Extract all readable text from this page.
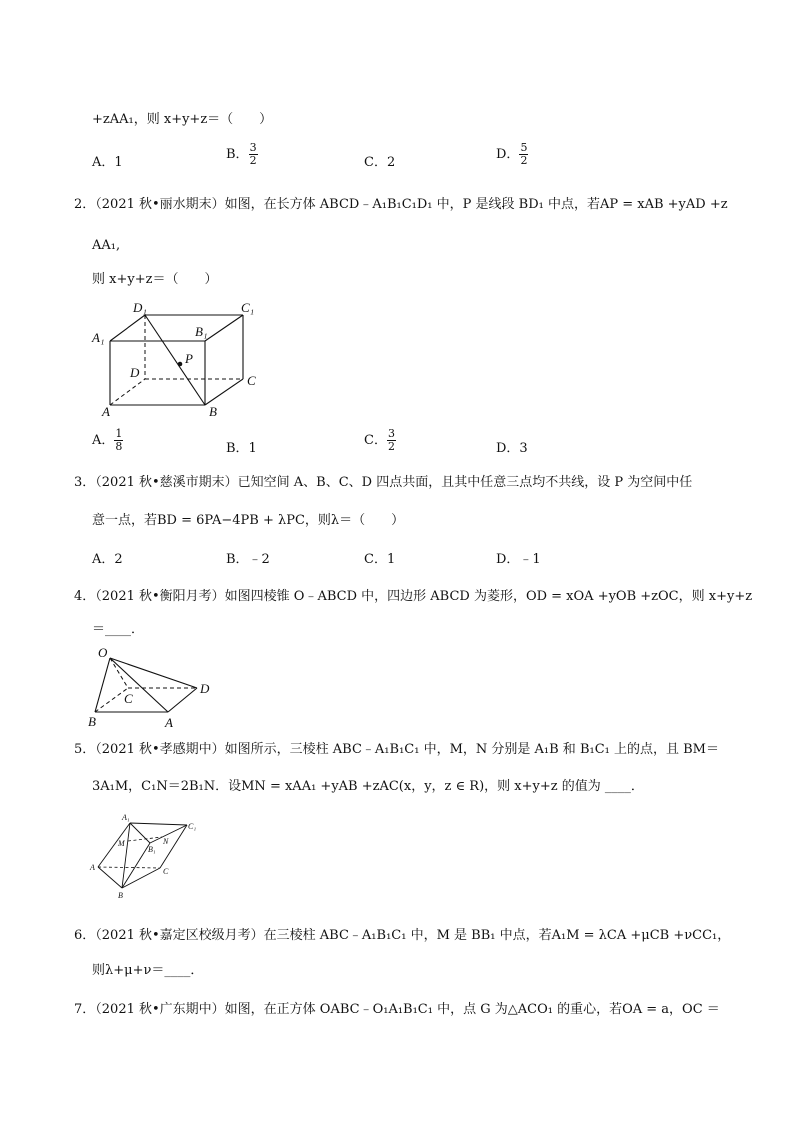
+zAA₁，则 x+y+z＝（　　）
A．1
B． $\frac{3}{2}$	C．2
D． $\frac{5}{2}$
2．（2021 秋•丽水期末）如图，在长方体 ABCD﹣A₁B₁C₁D₁ 中，P 是线段 BD₁ 中点，若AP = xAB +yAD +z
AA₁,
则 x+y+z＝（　　）
D₁	C₁
A₁	B₁
P
D
C
A	B
A． $\frac{1}{8}$	B．1
C． $\frac{3}{2}$	D．3
3．（2021 秋•慈溪市期末）已知空间 A、B、C、D 四点共面，且其中任意三点均不共线，设 P 为空间中任
意一点，若BD = 6PA−4PB + λPC，则λ＝（　　）
A．2	B．﹣2	C．1	D．﹣1
4．（2021 秋•衡阳月考）如图四棱锥 O﹣ABCD 中，四边形 ABCD 为菱形，OD = xOA +yOB +zOC，则 x+y+z
＝____．
O
C
D
B	A
5．（2021 秋•孝感期中）如图所示，三棱柱 ABC﹣A₁B₁C₁ 中，M，N 分别是 A₁B 和 B₁C₁ 上的点，且 BM＝
3A₁M，C₁N＝2B₁N．设MN = xAA₁ +yAB +zAC(x，y，z ∈ R)，则 x+y+z 的值为 ____．
A₁
C₁
M
B₁
N
A	C
B
6．（2021 秋•嘉定区校级月考）在三棱柱 ABC﹣A₁B₁C₁ 中，M 是 BB₁ 中点，若A₁M = λCA +μCB +νCC₁，
则λ+μ+ν＝____．
7．（2021 秋•广东期中）如图，在正方体 OABC﹣O₁A₁B₁C₁ 中，点 G 为△ACO₁ 的重心，若OA = a，OC ＝
